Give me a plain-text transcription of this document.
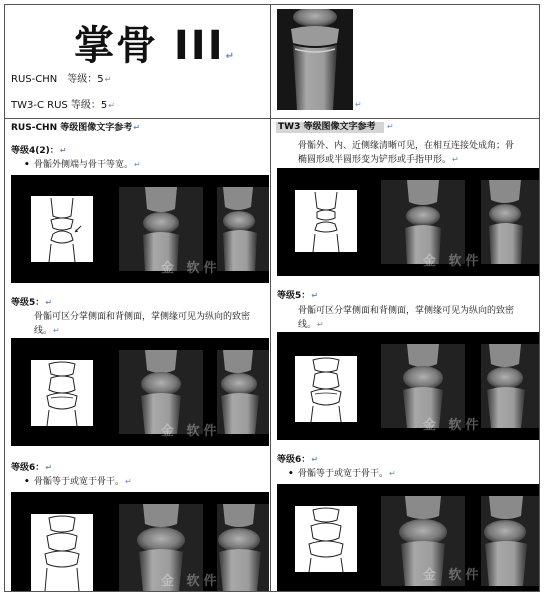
掌骨 III↵
RUS-CHN　等级：5↵
TW3-C RUS 等级：5↵	↵
RUS-CHN 等级图像文字参考↵
等级4(2)：↵
• 骨骺外侧端与骨干等宽。↵
金 软件
等级5：↵
• 骨骺可区分掌侧面和背侧面，掌侧缘可见为纵向的致密
线。↵
金 软件
等级6：↵
• 骨骺等于或宽于骨干。↵
金 软件
TW3 等级图像文字参考	↵
• 骨骺外、内、近侧缘清晰可见，在相互连接处成角；骨
椭圆形或半圆形变为铲形或手指甲形。↵
金 软件
等级5：↵
• 骨骺可区分掌侧面和背侧面，掌侧缘可见为纵向的致密
线。↵
金 软件
等级6：↵
• 骨骺等于或宽于骨干。↵
金 软件
